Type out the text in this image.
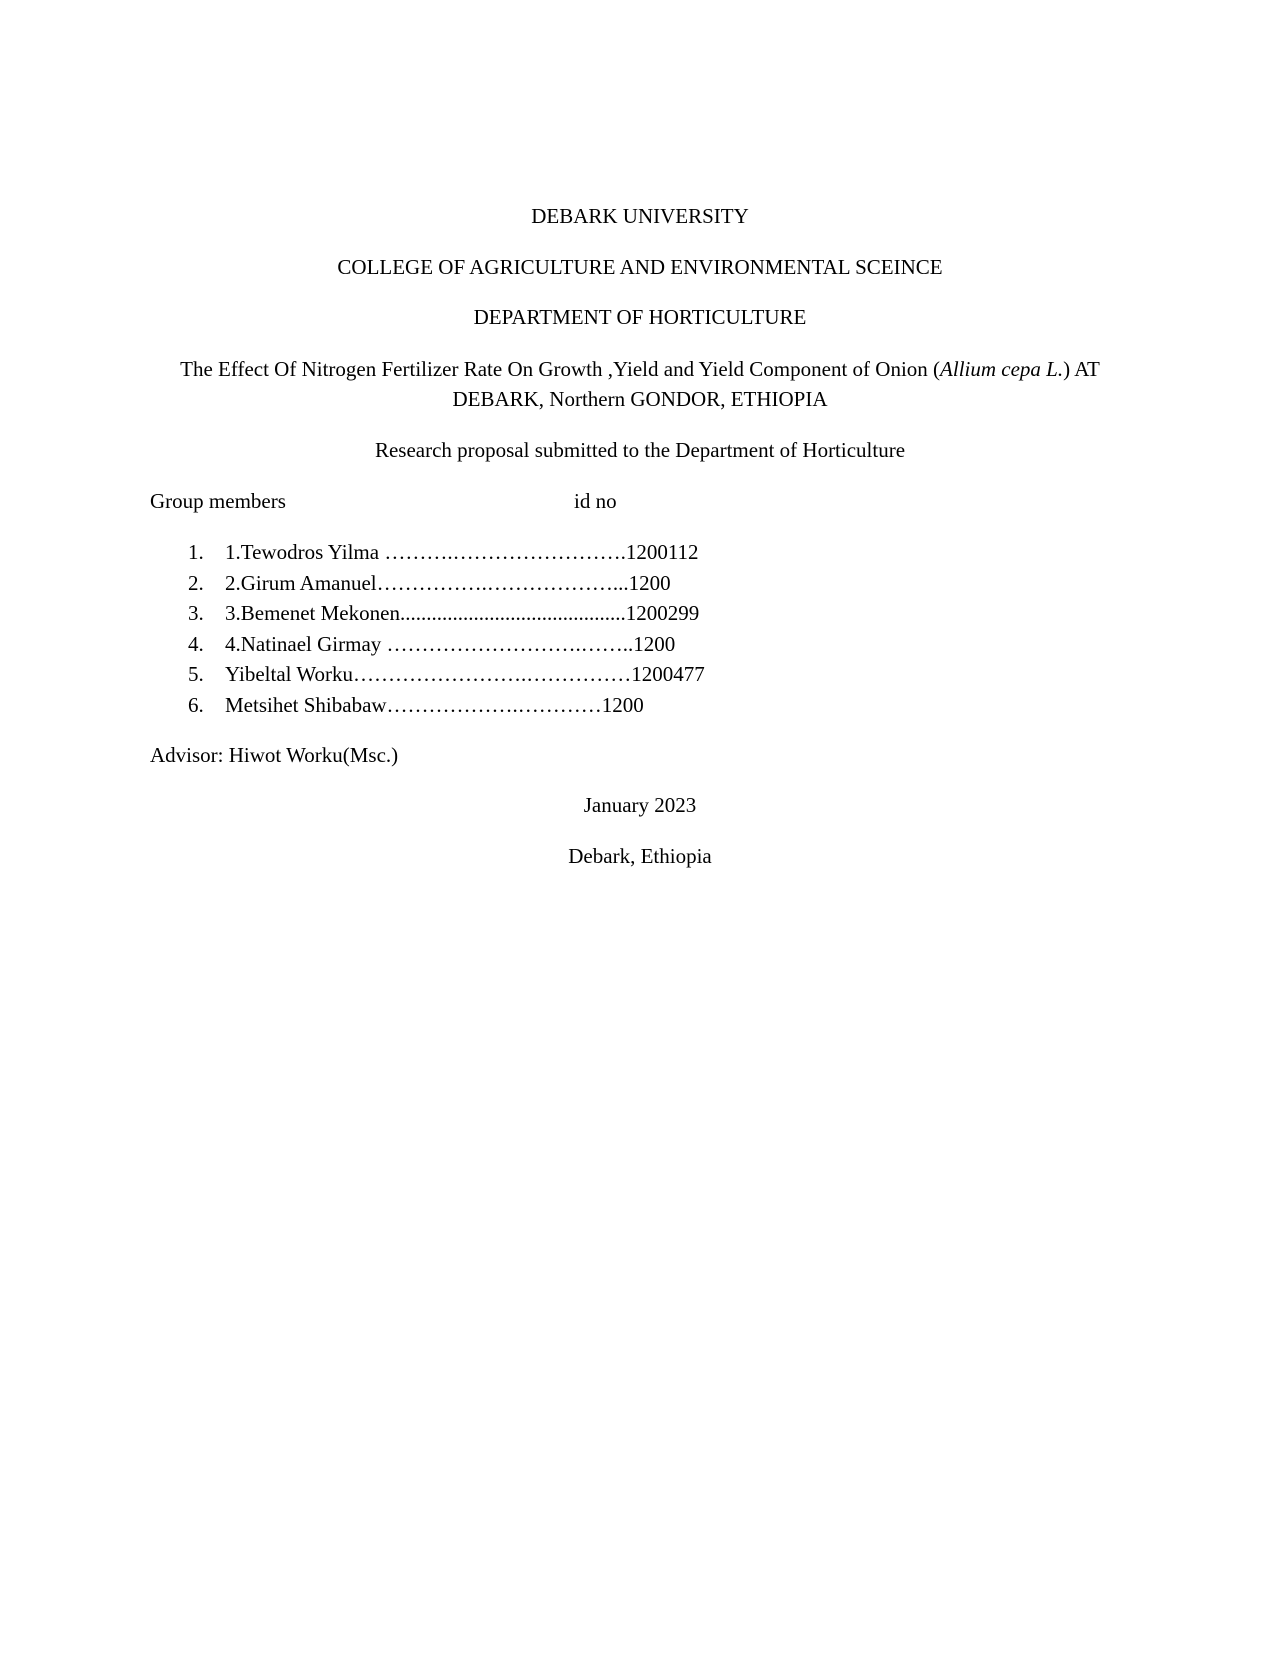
DEBARK UNIVERSITY
COLLEGE OF AGRICULTURE AND ENVIRONMENTAL SCEINCE
DEPARTMENT OF HORTICULTURE
The Effect Of Nitrogen Fertilizer Rate On Growth ,Yield and Yield Component of Onion (Allium cepa L.) AT DEBARK, Northern GONDOR, ETHIOPIA
Research proposal submitted to the Department of Horticulture
Group members	id no
1. 1.Tewodros Yilma ……….…………………….1200112
2. 2.Girum Amanuel…………….………………...1200
3. 3.Bemenet Mekonen...........................................1200299
4. 4.Natinael Girmay ……………………….……..1200
5. Yibeltal Worku…………………….……………1200477
6. Metsihet Shibabaw……………….…………1200
Advisor: Hiwot Worku(Msc.)
January 2023
Debark, Ethiopia
